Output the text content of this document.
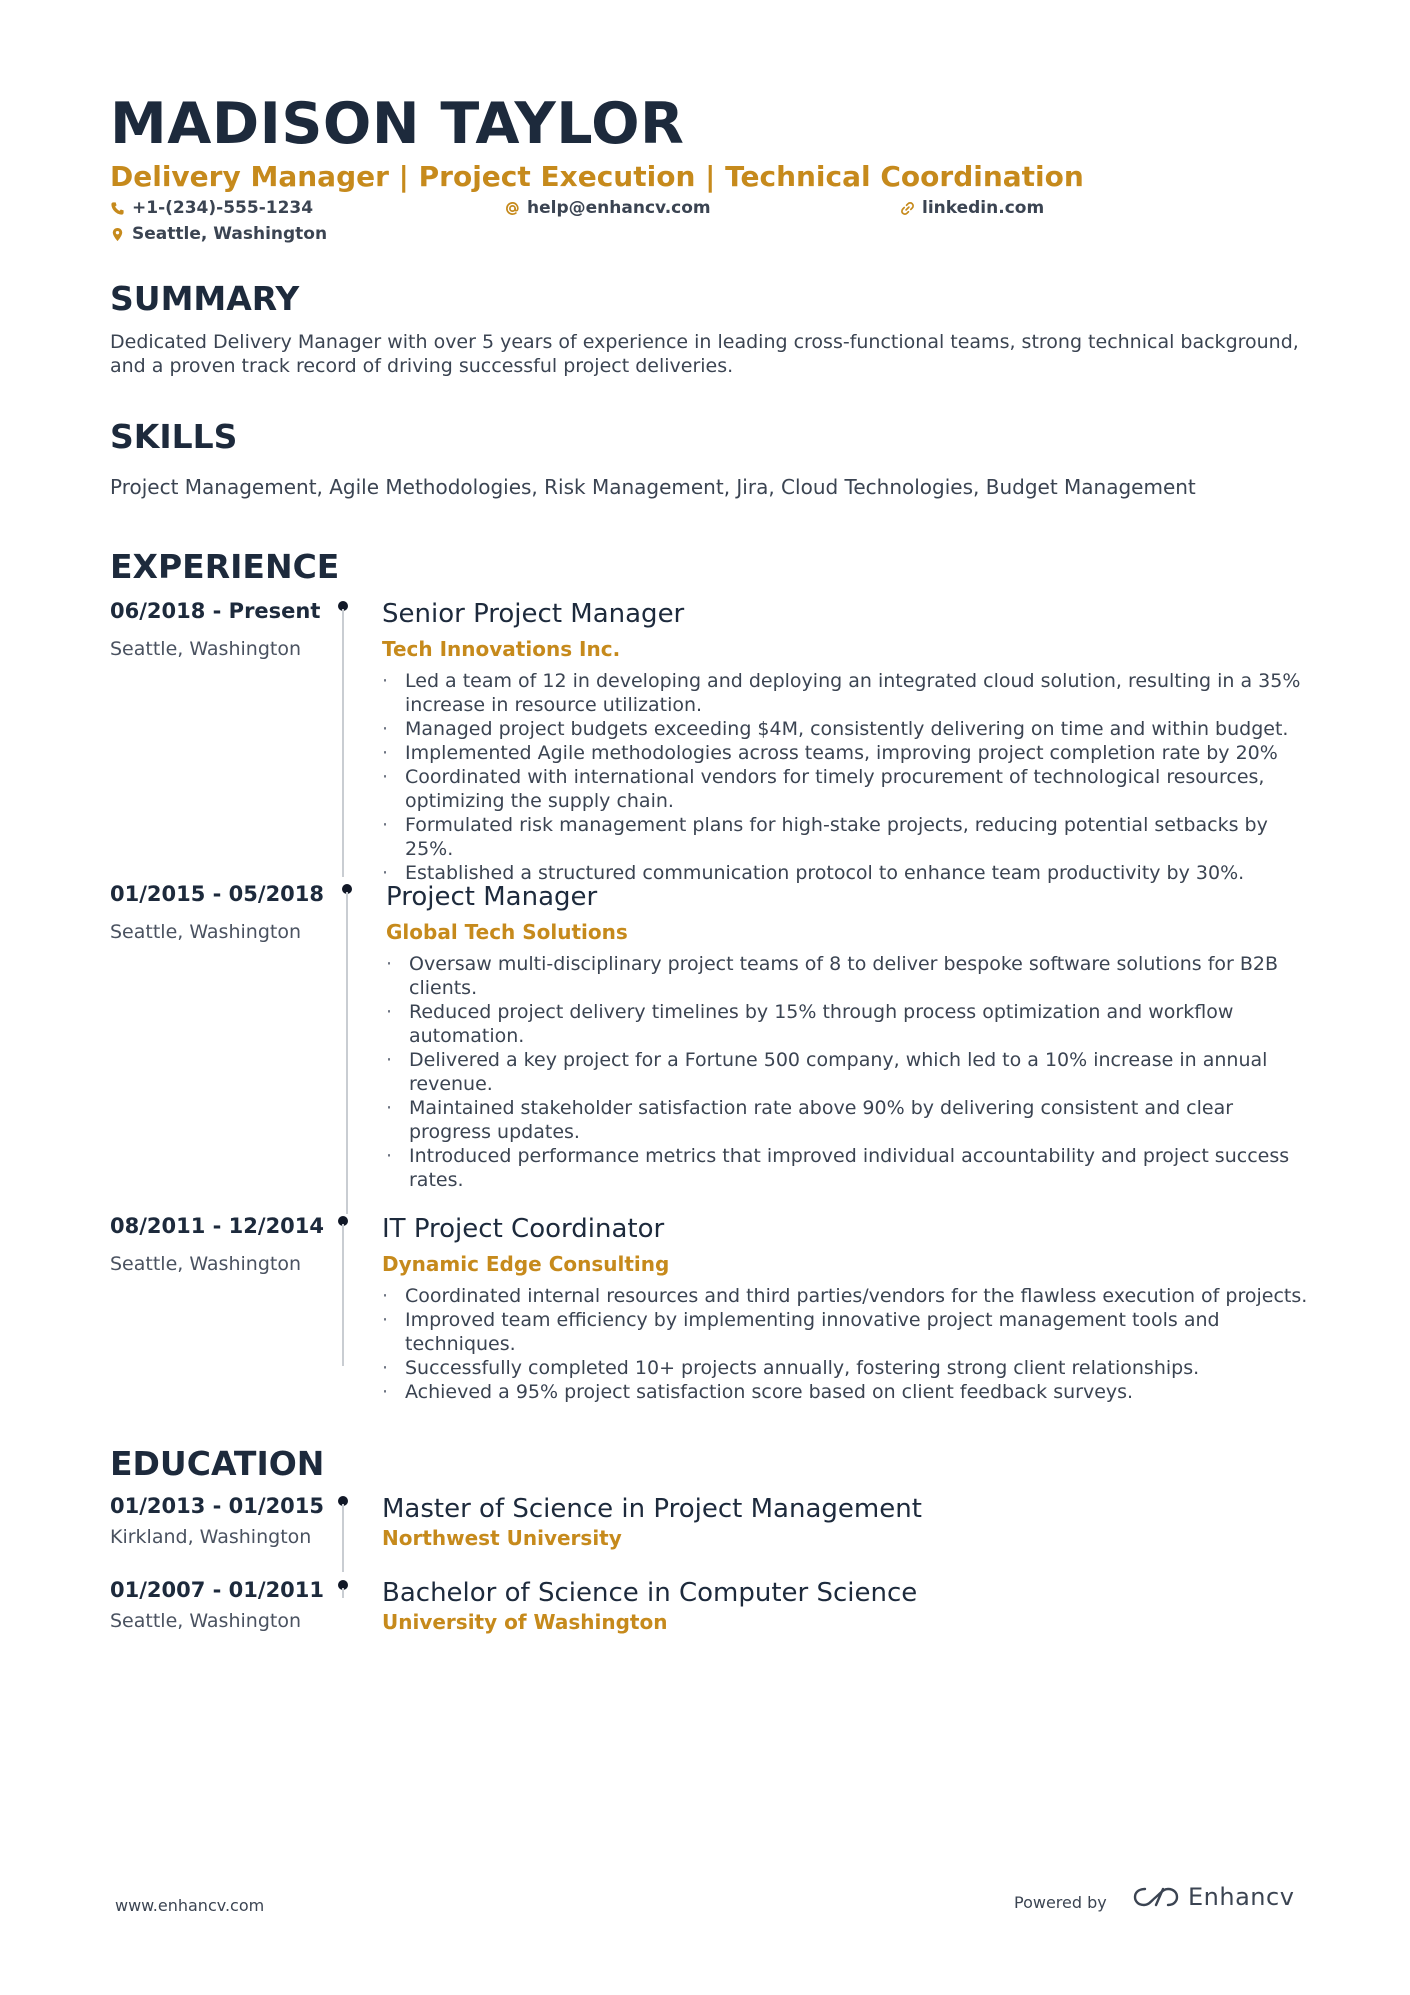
MADISON TAYLOR
Delivery Manager | Project Execution | Technical Coordination
+1-(234)-555-1234	help@enhancv.com	linkedin.com
Seattle, Washington
SUMMARY
Dedicated Delivery Manager with over 5 years of experience in leading cross-functional teams, strong technical background, and a proven track record of driving successful project deliveries.
SKILLS
Project Management, Agile Methodologies, Risk Management, Jira, Cloud Technologies, Budget Management
EXPERIENCE
06/2018 - Present
Seattle, Washington
Senior Project Manager
Tech Innovations Inc.
· Led a team of 12 in developing and deploying an integrated cloud solution, resulting in a 35% increase in resource utilization.
· Managed project budgets exceeding $4M, consistently delivering on time and within budget.
· Implemented Agile methodologies across teams, improving project completion rate by 20%
· Coordinated with international vendors for timely procurement of technological resources, optimizing the supply chain.
· Formulated risk management plans for high-stake projects, reducing potential setbacks by 25%.
· Established a structured communication protocol to enhance team productivity by 30%.
01/2015 - 05/2018
Seattle, Washington
Project Manager
Global Tech Solutions
· Oversaw multi-disciplinary project teams of 8 to deliver bespoke software solutions for B2B clients.
· Reduced project delivery timelines by 15% through process optimization and workflow automation.
· Delivered a key project for a Fortune 500 company, which led to a 10% increase in annual revenue.
· Maintained stakeholder satisfaction rate above 90% by delivering consistent and clear progress updates.
· Introduced performance metrics that improved individual accountability and project success rates.
08/2011 - 12/2014
Seattle, Washington
IT Project Coordinator
Dynamic Edge Consulting
· Coordinated internal resources and third parties/vendors for the flawless execution of projects.
· Improved team efficiency by implementing innovative project management tools and techniques.
· Successfully completed 10+ projects annually, fostering strong client relationships.
· Achieved a 95% project satisfaction score based on client feedback surveys.
EDUCATION
01/2013 - 01/2015
Kirkland, Washington
Master of Science in Project Management
Northwest University
01/2007 - 01/2011
Seattle, Washington
Bachelor of Science in Computer Science
University of Washington
www.enhancv.com	Powered by	Enhancv
